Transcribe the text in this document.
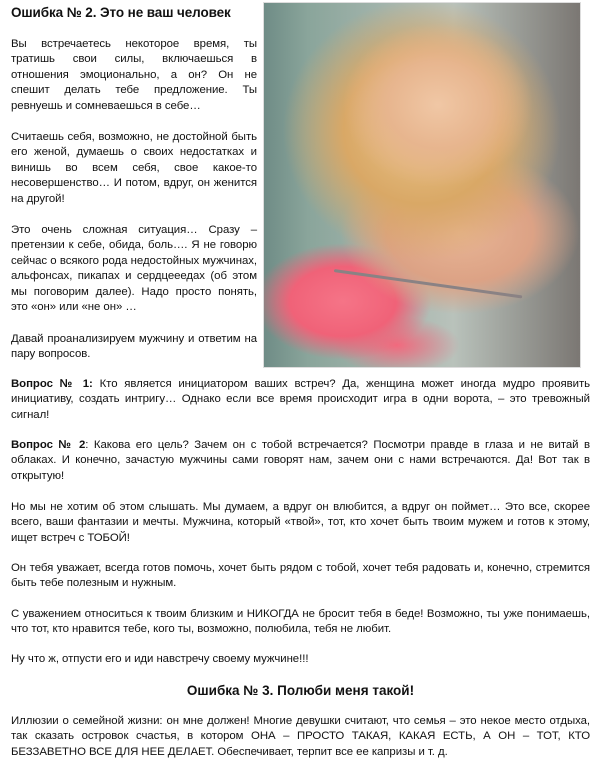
Ошибка № 2. Это не ваш человек

Вы встречаетесь некоторое время, ты тратишь свои силы, включаешься в отношения эмоционально, а он? Он не спешит делать тебе предложение. Ты ревнуешь и сомневаешься в себе…

Считаешь себя, возможно, не достойной быть его женой, думаешь о своих недостатках и винишь во всем себя, свое какое-то несовершенство… И потом, вдруг, он женится на другой!

Это очень сложная ситуация… Сразу – претензии к себе, обида, боль…. Я не говорю сейчас о всякого рода недостойных мужчинах, альфонсах, пикапах и сердцееедах (об этом мы поговорим далее). Надо просто понять, это «он» или «не он» …

Давай проанализируем мужчину и ответим на пару вопросов.

Вопрос № 1: Кто является инициатором ваших встреч? Да, женщина может иногда мудро проявить инициативу, создать интригу… Однако если все время происходит игра в одни ворота, – это тревожный сигнал!

Вопрос № 2: Какова его цель? Зачем он с тобой встречается? Посмотри правде в глаза и не витай в облаках. И конечно, зачастую мужчины сами говорят нам, зачем они с нами встречаются. Да! Вот так в открытую!

Но мы не хотим об этом слышать. Мы думаем, а вдруг он влюбится, а вдруг он поймет… Это все, скорее всего, ваши фантазии и мечты. Мужчина, который «твой», тот, кто хочет быть твоим мужем и готов к этому, ищет встреч с ТОБОЙ!

Он тебя уважает, всегда готов помочь, хочет быть рядом с тобой, хочет тебя радовать и, конечно, стремится быть тебе полезным и нужным.

С уважением относиться к твоим близким и НИКОГДА не бросит тебя в беде! Возможно, ты уже понимаешь, что тот, кто нравится тебе, кого ты, возможно, полюбила, тебя не любит.

Ну что ж, отпусти его и иди навстречу своему мужчине!!!

Ошибка № 3. Полюби меня такой!

Иллюзии о семейной жизни: он мне должен! Многие девушки считают, что семья – это некое место отдыха, так сказать островок счастья, в котором ОНА – ПРОСТО ТАКАЯ, КАКАЯ ЕСТЬ, А ОН – ТОТ, КТО БЕЗЗАВЕТНО ВСЕ ДЛЯ НЕЕ ДЕЛАЕТ. Обеспечивает, терпит все ее капризы и т. д.
